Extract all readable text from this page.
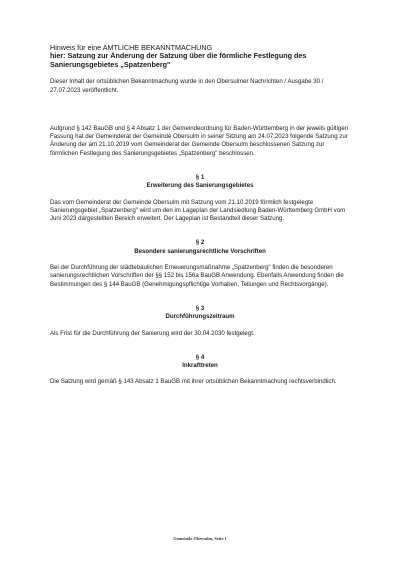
Hinweis für eine AMTLICHE BEKANNTMACHUNG

hier: Satzung zur Änderung der Satzung über die förmliche Festlegung des

Sanierungsgebietes „Spatzenberg"

Dieser Inhalt der ortsüblichen Bekanntmachung wurde in den Obersulmer Nachrichten / Ausgabe 30 / 27.07.2023 veröffentlicht.

Aufgrund § 142 BauGB und § 4 Absatz 1 der Gemeindeordnung für Baden-Württemberg in der jeweils gültigen Fassung hat der Gemeinderat der Gemeinde Obersulm in seiner Sitzung am 24.07.2023 folgende Satzung zur Änderung der am 21.10.2019 vom Gemeinderat der Gemeinde Obersulm beschlossenen Satzung zur förmlichen Festlegung des Sanierungsgebietes „Spatzenberg" beschlossen.

§ 1

Erweiterung des Sanierungsgebietes

Das vom Gemeinderat der Gemeinde Obersulm mit Satzung vom 21.10.2019 förmlich festgelegte Sanierungsgebiet „Spatzenberg" wird um den im Lageplan der Landsiedlung Baden-Württemberg GmbH vom Juni 2023 dargestellten Bereich erweitert. Der Lageplan ist Bestandteil dieser Satzung.

§ 2

Besondere sanierungsrechtliche Vorschriften

Bei der Durchführung der städtebaulichen Erneuerungsmaßnahme „Spatzenberg" finden die besonderen sanierungsrechtlichen Vorschriften der §§ 152 bis 156a BauGB Anwendung. Ebenfalls Anwendung finden die Bestimmungen des § 144 BauGB (Genehmigungspflichtige Vorhaben, Teilungen und Rechtsvorgänge).

§ 3

Durchführungszeitraum

Als Frist für die Durchführung der Sanierung wird der 30.04.2030 festgelegt.

§ 4

Inkrafttreten

Die Satzung wird gemäß § 143 Absatz 1 BauGB mit ihrer ortsüblichen Bekanntmachung rechtsverbindlich.

Gemeinde Obersulm, Seite 1
